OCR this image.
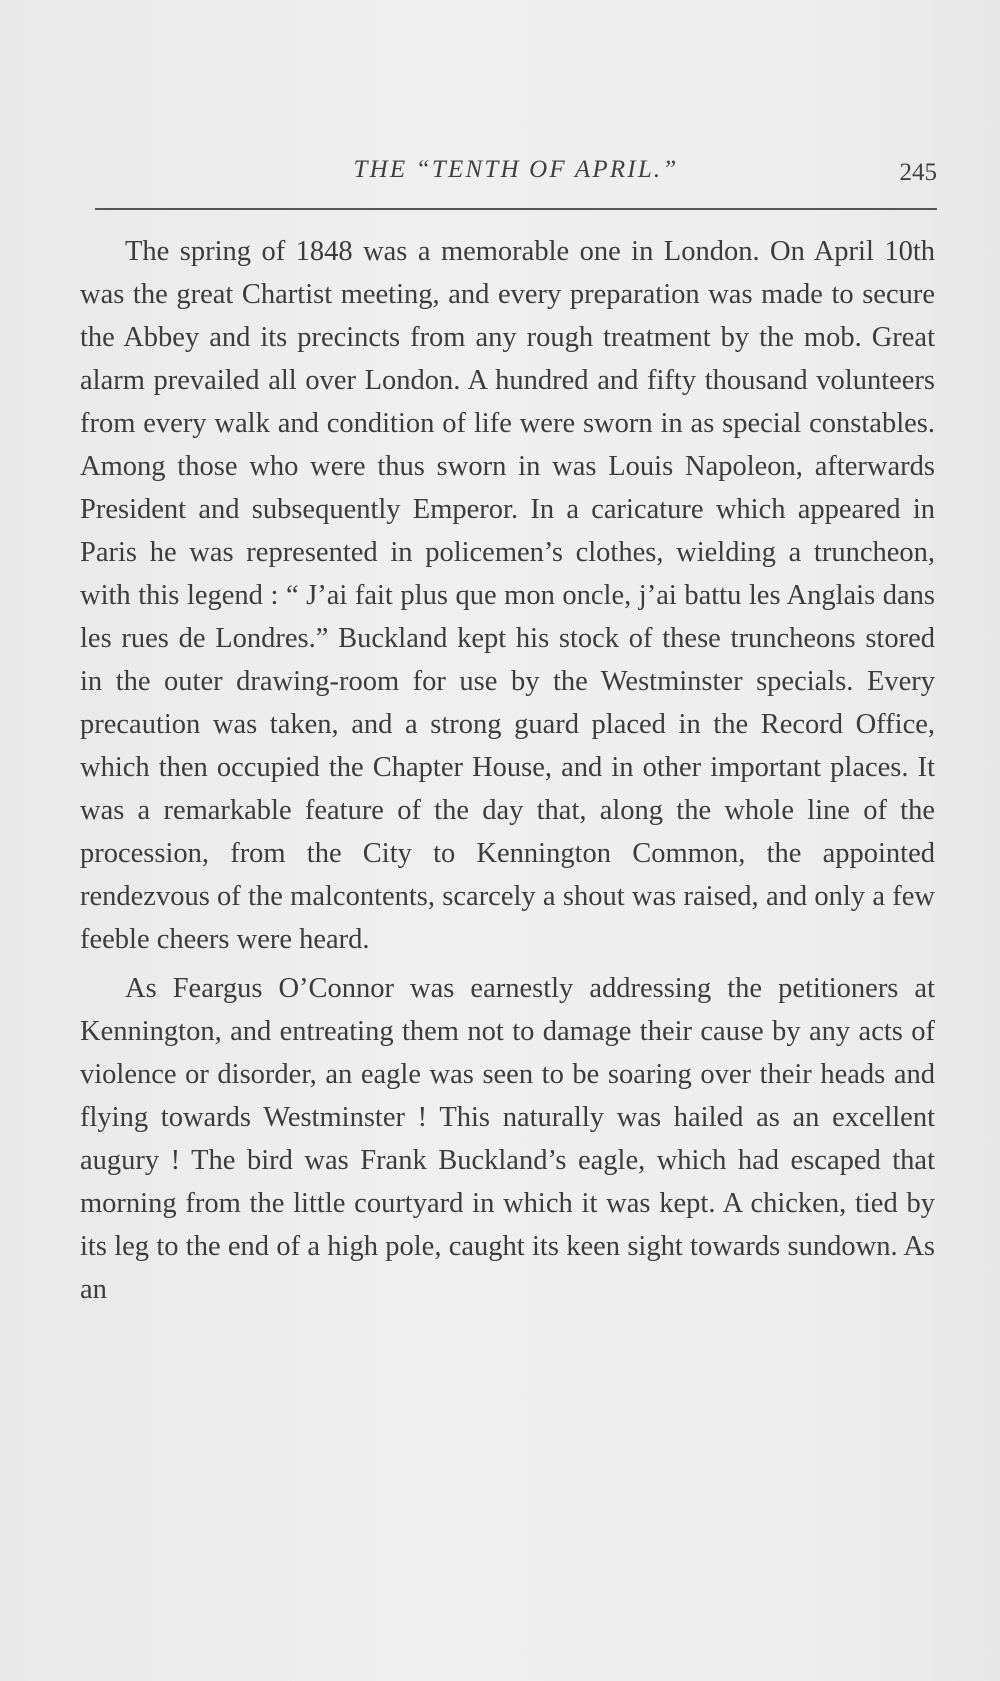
THE “TENTH OF APRIL.”	245

The spring of 1848 was a memorable one in London. On April 10th was the great Chartist meeting, and every preparation was made to secure the Abbey and its precincts from any rough treatment by the mob. Great alarm prevailed all over London. A hundred and fifty thousand volunteers from every walk and condition of life were sworn in as special constables. Among those who were thus sworn in was Louis Napoleon, afterwards President and subsequently Emperor. In a caricature which appeared in Paris he was represented in policemen’s clothes, wielding a truncheon, with this legend : “ J’ai fait plus que mon oncle, j’ai battu les Anglais dans les rues de Londres.” Buckland kept his stock of these truncheons stored in the outer drawing-room for use by the Westminster specials. Every precaution was taken, and a strong guard placed in the Record Office, which then occupied the Chapter House, and in other important places. It was a remarkable feature of the day that, along the whole line of the procession, from the City to Kennington Common, the appointed rendezvous of the malcontents, scarcely a shout was raised, and only a few feeble cheers were heard.

As Feargus O’Connor was earnestly addressing the petitioners at Kennington, and entreating them not to damage their cause by any acts of violence or disorder, an eagle was seen to be soaring over their heads and flying towards Westminster ! This naturally was hailed as an excellent augury ! The bird was Frank Buckland’s eagle, which had escaped that morning from the little courtyard in which it was kept. A chicken, tied by its leg to the end of a high pole, caught its keen sight towards sundown. As an
